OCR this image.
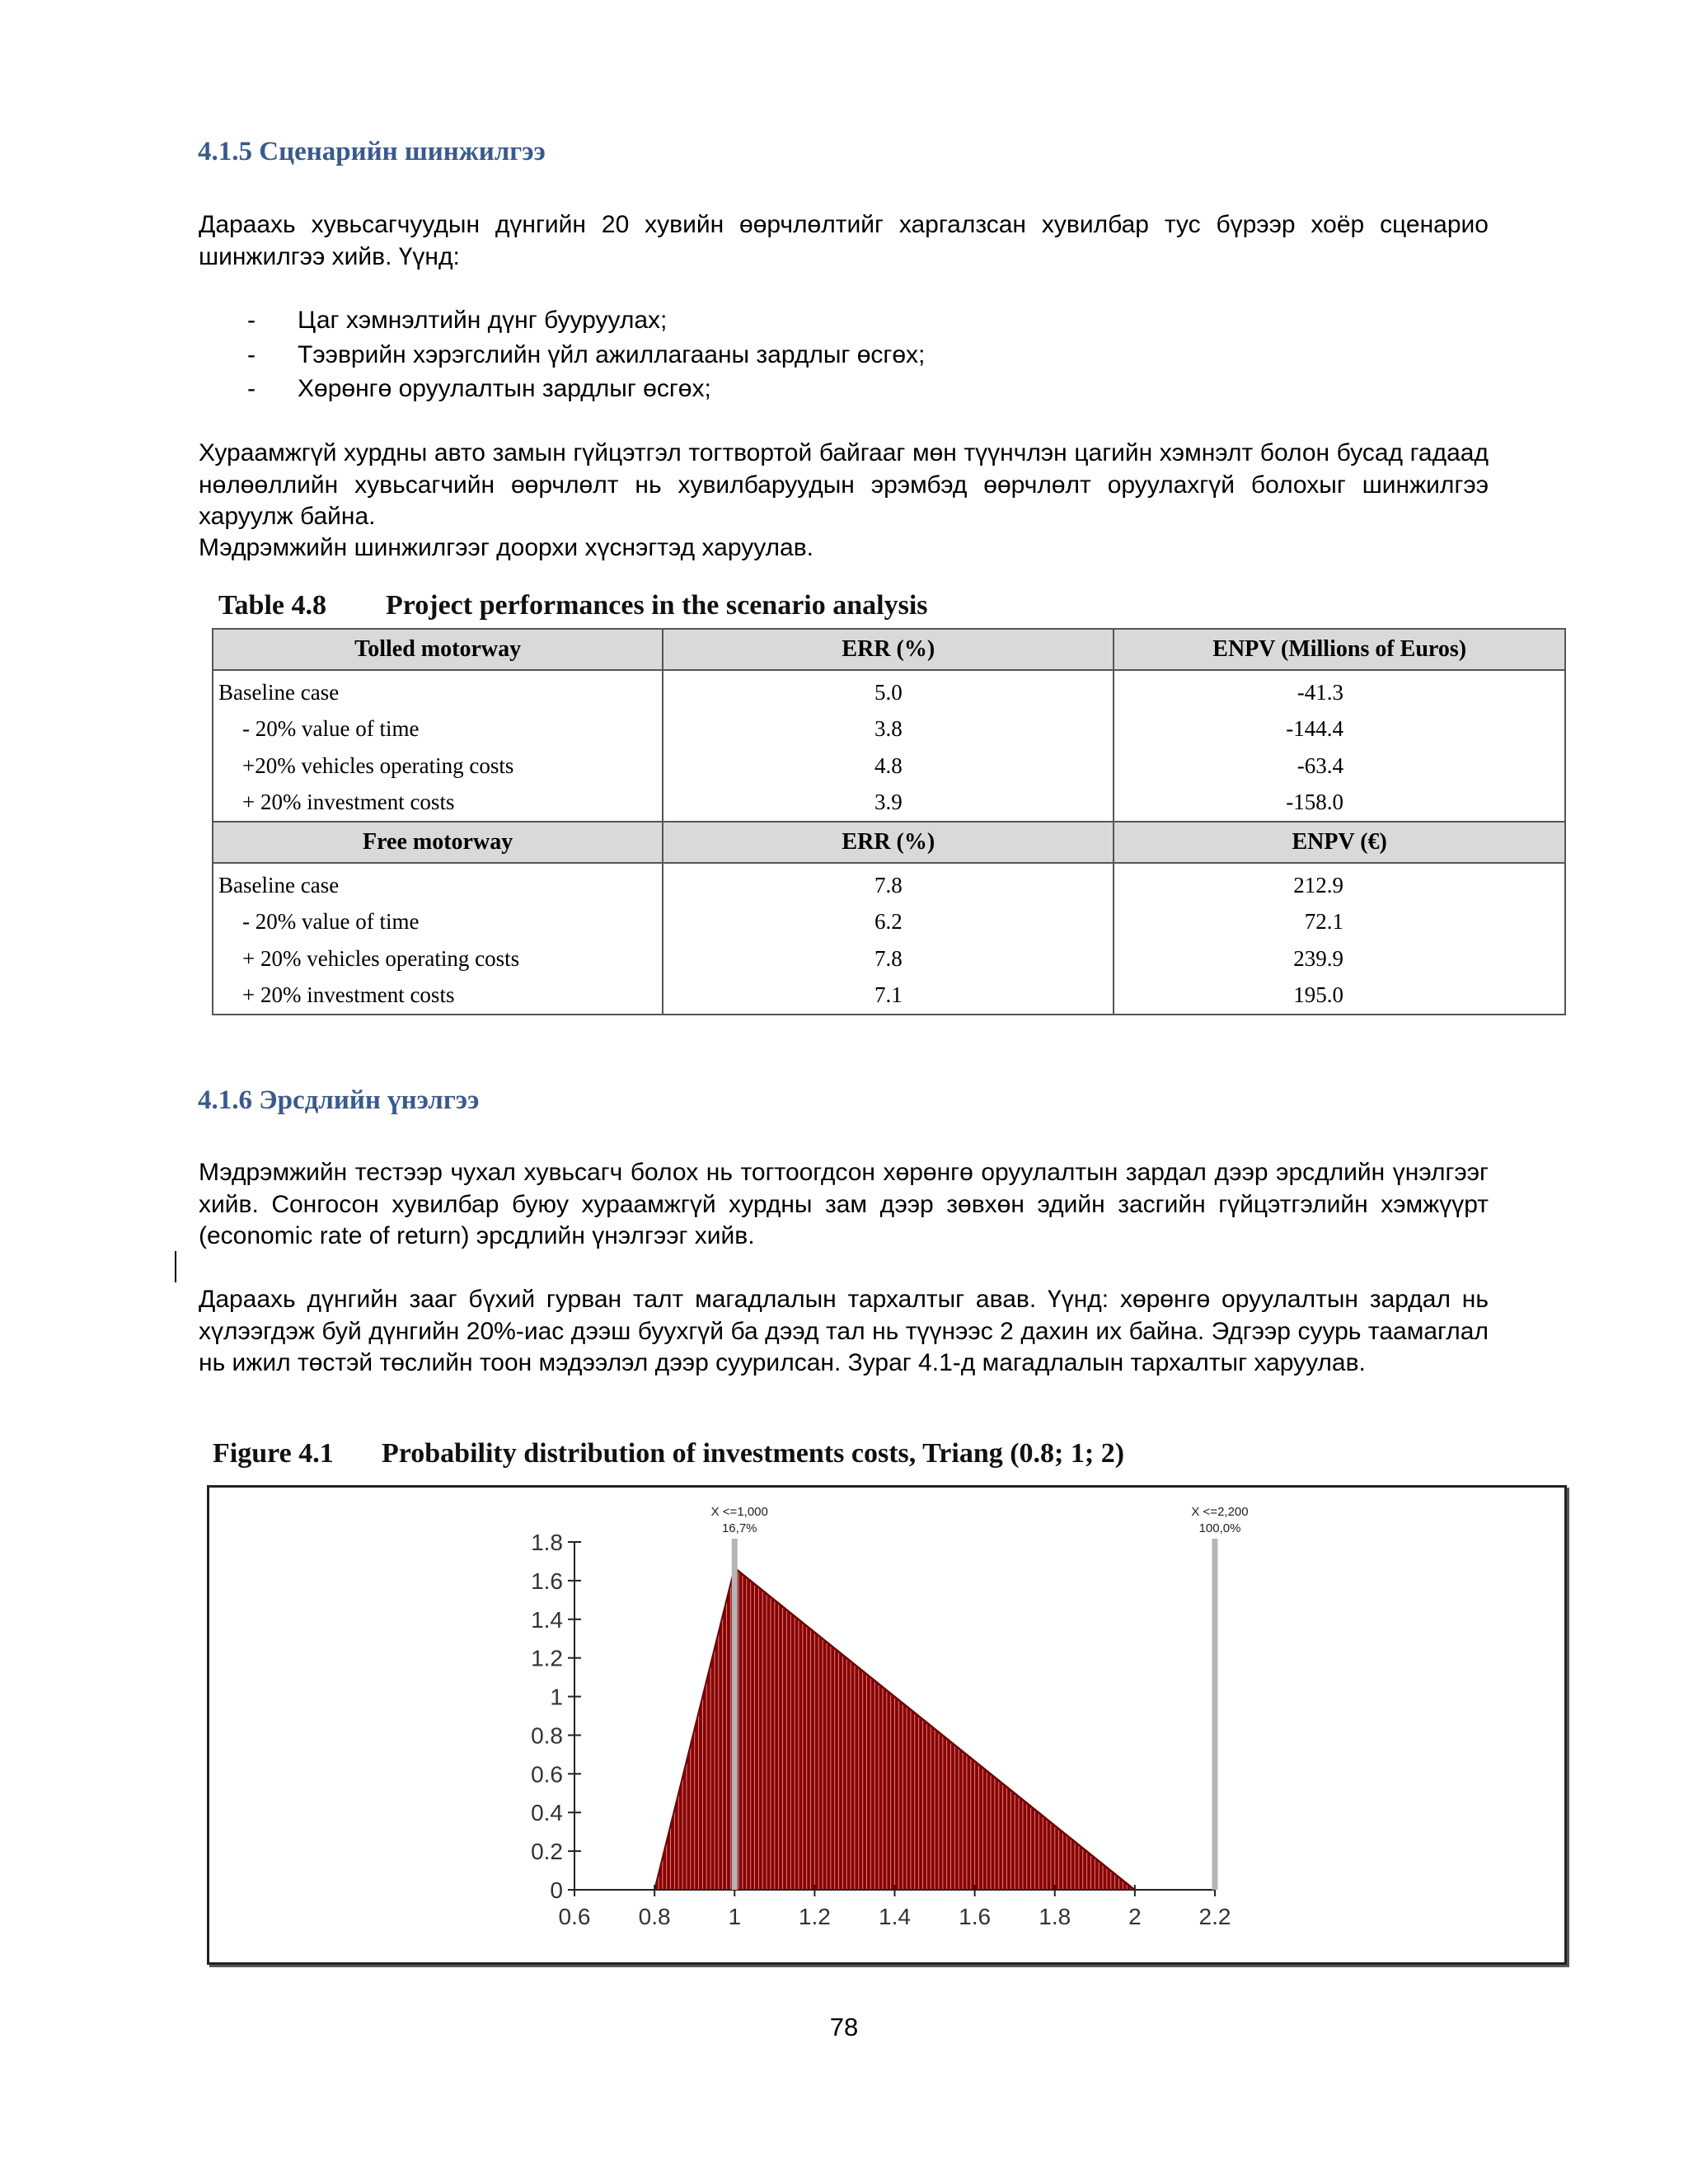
4.1.5 Сценарийн шинжилгээ

Дараахь хувьсагчуудын дүнгийн 20 хувийн өөрчлөлтийг харгалзсан хувилбар тус бүрээр хоёр сценарио шинжилгээ хийв. Үүнд:

- Цаг хэмнэлтийн дүнг бууруулах;
- Тээврийн хэрэгслийн үйл ажиллагааны зардлыг өсгөх;
- Хөрөнгө оруулалтын зардлыг өсгөх;

Хураамжгүй хурдны авто замын гүйцэтгэл тогтвортой байгааг мөн түүнчлэн цагийн хэмнэлт болон бусад гадаад нөлөөллийн хувьсагчийн өөрчлөлт нь хувилбаруудын эрэмбэд өөрчлөлт оруулахгүй болохыг шинжилгээ харуулж байна.

Мэдрэмжийн шинжилгээг доорхи хүснэгтэд харуулав.

Table 4.8 Project performances in the scenario analysis

Tolled motorway	ERR (%)	ENPV (Millions of Euros)
Baseline case	5.0	-41.3
- 20% value of time	3.8	-144.4
+20% vehicles operating costs	4.8	-63.4
+ 20% investment costs	3.9	-158.0
Free motorway	ERR (%)	ENPV (€)
Baseline case	7.8	212.9
- 20% value of time	6.2	72.1
+ 20% vehicles operating costs	7.8	239.9
+ 20% investment costs	7.1	195.0
4.1.6 Эрсдлийн үнэлгээ

Мэдрэмжийн тестээр чухал хувьсагч болох нь тогтоогдсон хөрөнгө оруулалтын зардал дээр эрсдлийн үнэлгээг хийв. Сонгосон хувилбар буюу хураамжгүй хурдны зам дээр зөвхөн эдийн засгийн гүйцэтгэлийн хэмжүүрт (economic rate of return) эрсдлийн үнэлгээг хийв.

Дараахь дүнгийн зааг бүхий гурван талт магадлалын тархалтыг авав. Үүнд: хөрөнгө оруулалтын зардал нь хүлээгдэж буй дүнгийн 20%-иас дээш буухгүй ба дээд тал нь түүнээс 2 дахин их байна. Эдгээр суурь таамаглал нь ижил төстэй төслийн тоон мэдээлэл дээр суурилсан. Зураг 4.1-д магадлалын тархалтыг харуулав.

Figure 4.1 Probability distribution of investments costs, Triang (0.8; 1; 2)

0
0.2
0.4
0.6
0.8
1
1.2
1.4
1.6
1.8
0.6 0.8 1 1.2 1.4 1.6 1.8 2 2.2
X <=1,000
16,7%
X <=2,200
100,0%
78
